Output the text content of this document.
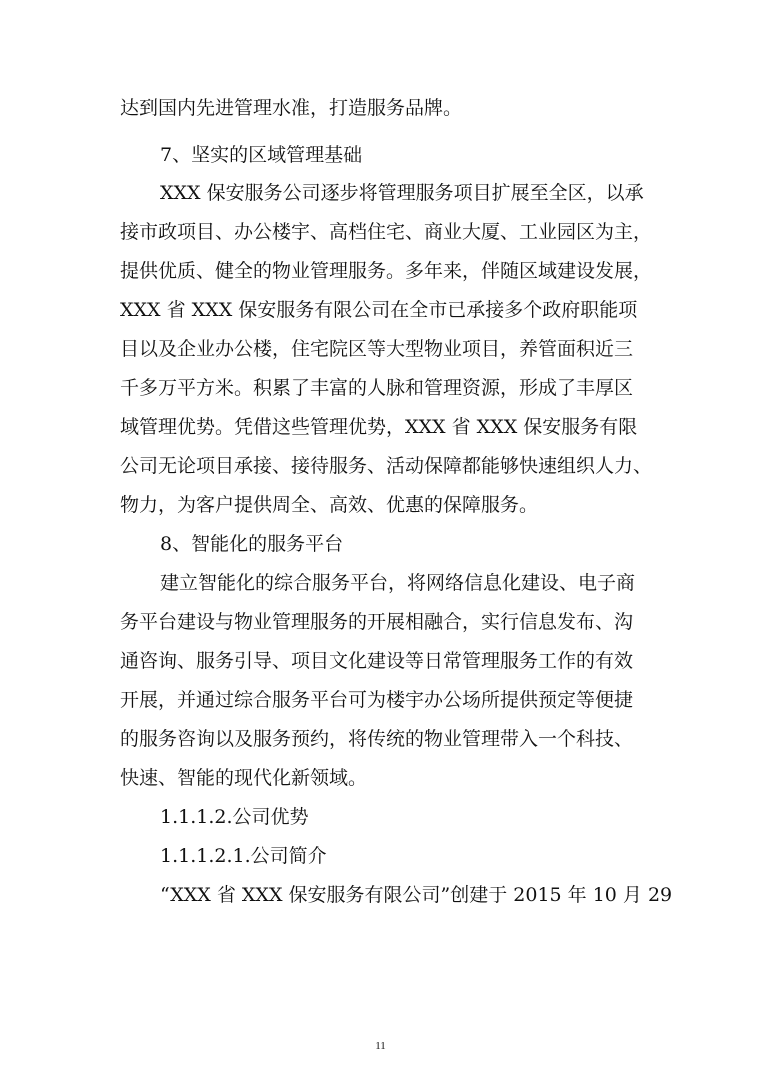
达到国内先进管理水准，打造服务品牌。
7、坚实的区域管理基础
XXX 保安服务公司逐步将管理服务项目扩展至全区，以承
接市政项目、办公楼宇、高档住宅、商业大厦、工业园区为主，
提供优质、健全的物业管理服务。多年来，伴随区域建设发展，
XXX 省 XXX 保安服务有限公司在全市已承接多个政府职能项
目以及企业办公楼，住宅院区等大型物业项目，养管面积近三
千多万平方米。积累了丰富的人脉和管理资源，形成了丰厚区
域管理优势。凭借这些管理优势，XXX 省 XXX 保安服务有限
公司无论项目承接、接待服务、活动保障都能够快速组织人力、
物力，为客户提供周全、高效、优惠的保障服务。
8、智能化的服务平台
建立智能化的综合服务平台，将网络信息化建设、电子商
务平台建设与物业管理服务的开展相融合，实行信息发布、沟
通咨询、服务引导、项目文化建设等日常管理服务工作的有效
开展，并通过综合服务平台可为楼宇办公场所提供预定等便捷
的服务咨询以及服务预约，将传统的物业管理带入一个科技、
快速、智能的现代化新领域。
1.1.1.2.公司优势
1.1.1.2.1.公司简介
“XXX 省 XXX 保安服务有限公司”创建于 2015 年 10 月 29
11
